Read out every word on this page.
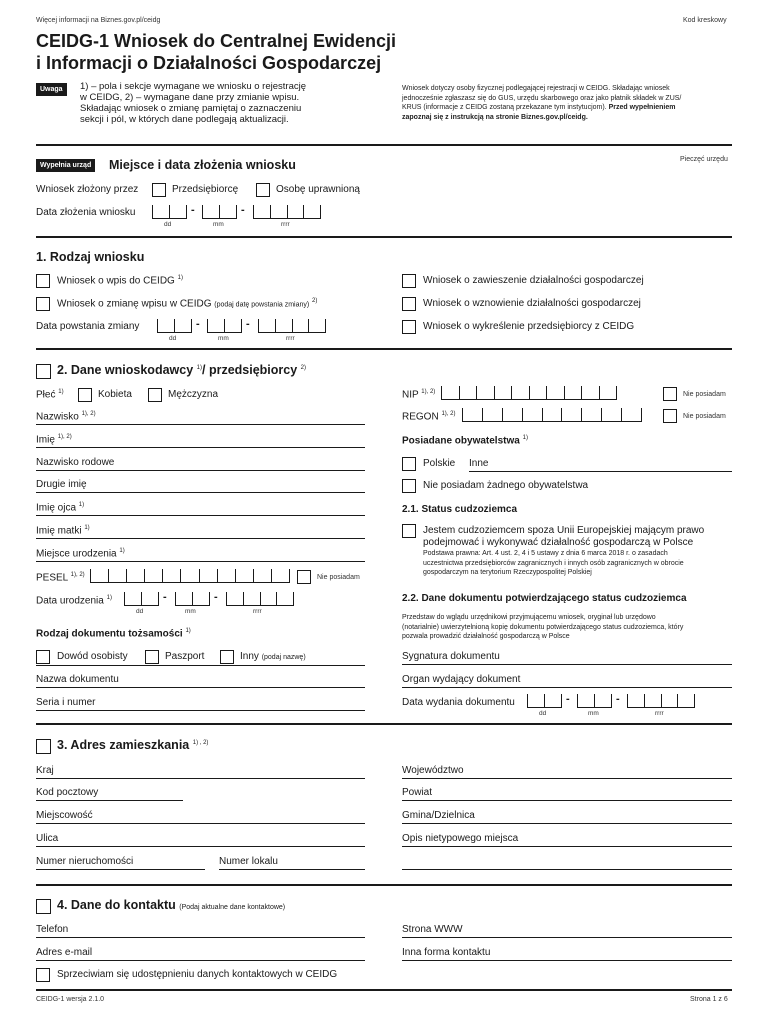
Więcej informacji na Biznes.gov.pl/ceidg	Kod kreskowy
CEIDG-1 Wniosek do Centralnej Ewidencji
i Informacji o Działalności Gospodarczej
Uwaga	1) – pola i sekcje wymagane we wniosku o rejestrację
w CEIDG, 2) – wymagane dane przy zmianie wpisu.
Składając wniosek o zmianę pamiętaj o zaznaczeniu
sekcji i pól, w których dane podlegają aktualizacji.
Wniosek dotyczy osoby fizycznej podlegającej rejestracji w CEIDG. Składając wniosek
jednocześnie zgłaszasz się do GUS, urzędu skarbowego oraz jako płatnik składek w ZUS/
KRUS (informacje z CEIDG zostaną przekazane tym instytucjom). Przed wypełnieniem
zapoznaj się z instrukcją na stronie Biznes.gov.pl/ceidg.
Wypełnia urząd	Miejsce i data złożenia wniosku	Pieczęć urzędu
Wniosek złożony przez	Przedsiębiorcę	Osobę uprawnioną
Data złożenia wniosku	-	-
dd	mm	rrrr
1. Rodzaj wniosku
Wniosek o wpis do CEIDG $^{1)}$
Wniosek o zmianę wpisu w CEIDG (podaj datę powstania zmiany) $^{2)}$
Data powstania zmiany	-	-
dd	mm	rrrr
Wniosek o zawieszenie działalności gospodarczej
Wniosek o wznowienie działalności gospodarczej
Wniosek o wykreślenie przedsiębiorcy z CEIDG
2. Dane wnioskodawcy $^{1)}$/ przedsiębiorcy $^{2)}$
Płeć $^{1)}$	Kobieta	Mężczyzna
Nazwisko $^{1), 2)}$
Imię $^{1), 2)}$
Nazwisko rodowe
Drugie imię
Imię ojca $^{1)}$
Imię matki $^{1)}$
Miejsce urodzenia $^{1)}$
PESEL $^{1), 2)}$	Nie posiadam
Data urodzenia $^{1)}$	-	-
dd	mm	rrrr
Rodzaj dokumentu tożsamości $^{1)}$
Dowód osobisty	Paszport	Inny (podaj nazwę)
Nazwa dokumentu
Seria i numer
NIP $^{1), 2)}$	Nie posiadam
REGON $^{1), 2)}$	Nie posiadam
Posiadane obywatelstwa $^{1)}$
Polskie Inne
Nie posiadam żadnego obywatelstwa
2.1. Status cudzoziemca
Jestem cudzoziemcem spoza Unii Europejskiej mającym prawo
podejmować i wykonywać działalność gospodarczą w Polsce
Podstawa prawna: Art. 4 ust. 2, 4 i 5 ustawy z dnia 6 marca 2018 r. o zasadach
uczestnictwa przedsiębiorców zagranicznych i innych osób zagranicznych w obrocie
gospodarczym na terytorium Rzeczypospolitej Polskiej
2.2. Dane dokumentu potwierdzającego status cudzoziemca
Przedstaw do wglądu urzędnikowi przyjmującemu wniosek, oryginał lub urzędowo
(notarialnie) uwierzytelnioną kopię dokumentu potwierdzającego status cudzoziemca, który
pozwala prowadzić działalność gospodarczą w Polsce
Sygnatura dokumentu
Organ wydający dokument
Data wydania dokumentu	-	-
dd	mm	rrrr
3. Adres zamieszkania $^{1) , 2)}$
Kraj
Kod pocztowy
Miejscowość
Ulica
Numer nieruchomości	Numer lokalu
Województwo
Powiat
Gmina/Dzielnica
Opis nietypowego miejsca
4. Dane do kontaktu (Podaj aktualne dane kontaktowe)
Telefon
Adres e-mail
Strona WWW
Inna forma kontaktu
Sprzeciwiam się udostępnieniu danych kontaktowych w CEIDG
CEIDG-1 wersja 2.1.0	Strona 1 z 6
